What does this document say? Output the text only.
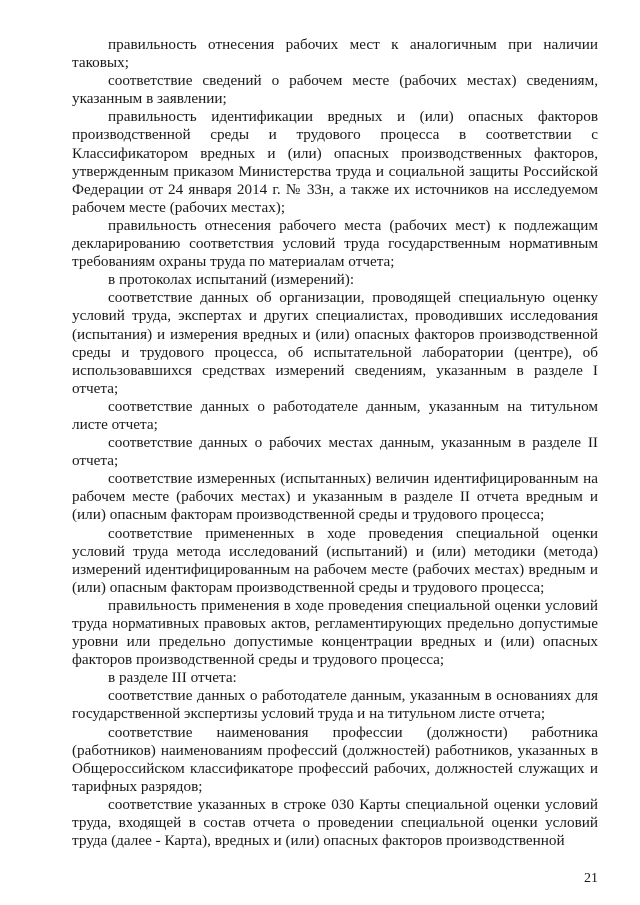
правильность отнесения рабочих мест к аналогичным при наличии таковых;

соответствие сведений о рабочем месте (рабочих местах) сведениям, указанным в заявлении;

правильность идентификации вредных и (или) опасных факторов производственной среды и трудового процесса в соответствии с Классификатором вредных и (или) опасных производственных факторов, утвержденным приказом Министерства труда и социальной защиты Российской Федерации от 24 января 2014 г. № 33н, а также их источников на исследуемом рабочем месте (рабочих местах);

правильность отнесения рабочего места (рабочих мест) к подлежащим декларированию соответствия условий труда государственным нормативным требованиям охраны труда по материалам отчета;

в протоколах испытаний (измерений):

соответствие данных об организации, проводящей специальную оценку условий труда, экспертах и других специалистах, проводивших исследования (испытания) и измерения вредных и (или) опасных факторов производственной среды и трудового процесса, об испытательной лаборатории (центре), об использовавшихся средствах измерений сведениям, указанным в разделе I отчета;

соответствие данных о работодателе данным, указанным на титульном листе отчета;

соответствие данных о рабочих местах данным, указанным в разделе II отчета;

соответствие измеренных (испытанных) величин идентифицированным на рабочем месте (рабочих местах) и указанным в разделе II отчета вредным и (или) опасным факторам производственной среды и трудового процесса;

соответствие примененных в ходе проведения специальной оценки условий труда метода исследований (испытаний) и (или) методики (метода) измерений идентифицированным на рабочем месте (рабочих местах) вредным и (или) опасным факторам производственной среды и трудового процесса;

правильность применения в ходе проведения специальной оценки условий труда нормативных правовых актов, регламентирующих предельно допустимые уровни или предельно допустимые концентрации вредных и (или) опасных факторов производственной среды и трудового процесса;

в разделе III отчета:

соответствие данных о работодателе данным, указанным в основаниях для государственной экспертизы условий труда и на титульном листе отчета;

соответствие наименования профессии (должности) работника (работников) наименованиям профессий (должностей) работников, указанных в Общероссийском классификаторе профессий рабочих, должностей служащих и тарифных разрядов;

соответствие указанных в строке 030 Карты специальной оценки условий труда, входящей в состав отчета о проведении специальной оценки условий труда (далее - Карта), вредных и (или) опасных факторов производственной

21
